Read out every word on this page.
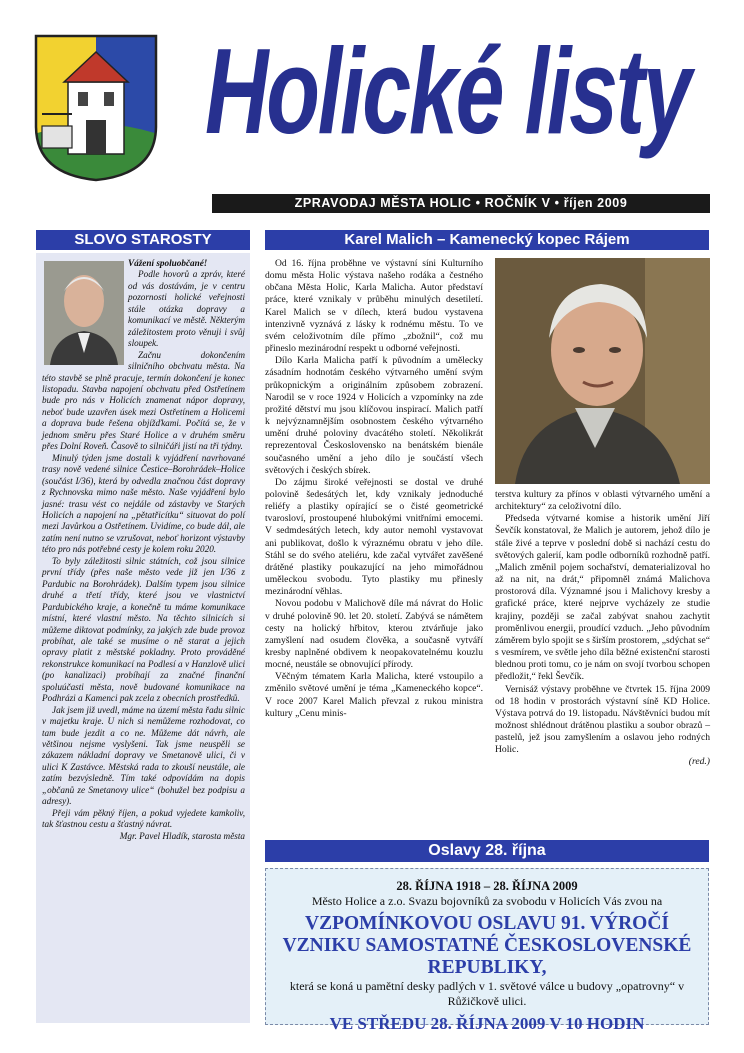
Holické listy
ZPRAVODAJ MĚSTA HOLIC • ROČNÍK V • říjen 2009
SLOVO STAROSTY

Vážení spoluobčané!

Podle hovorů a zpráv, které od vás dostávám, je v centru pozornosti holické veřejnosti stále otázka dopravy a komunikací ve městě. Některým záležitostem proto věnuji i svůj sloupek.

Začnu dokončením silničního obchvatu města. Na této stavbě se plně pracuje, termín dokončení je konec listopadu. Stavba napojení obchvatu před Ostřetínem bude pro nás v Holicích znamenat nápor dopravy, neboť bude uzavřen úsek mezi Ostřetínem a Holicemi a doprava bude řešena objížďkami. Počítá se, že v jednom směru přes Staré Holice a v druhém směru přes Dolní Roveň. Časově to silničáři jistí na tři týdny.

Minulý týden jsme dostali k vyjádření navrhované trasy nově vedené silnice Čestice–Borohrádek–Holice (součást I/36), která by odvedla značnou část dopravy z Rychnovska mimo naše město. Naše vyjádření bylo jasné: trasu vést co nejdále od zástavby ve Starých Holicích a napojení na „pětatřicítku“ situovat do polí mezi Javůrkou a Ostřetínem. Uvidíme, co bude dál, ale zatím není nutno se vzrušovat, neboť horizont výstavby této pro nás potřebné cesty je kolem roku 2020.

To byly záležitosti silnic státních, což jsou silnice první třídy (přes naše město vede již jen I/36 z Pardubic na Borohrádek). Dalším typem jsou silnice druhé a třetí třídy, které jsou ve vlastnictví Pardubického kraje, a konečně tu máme komunikace místní, které vlastní město. Na těchto silnicích si můžeme diktovat podmínky, za jakých zde bude provoz probíhat, ale také se musíme o ně starat a jejich opravy platit z městské pokladny. Proto prováděné rekonstrukce komunikací na Podlesí a v Hanzlově ulici (po kanalizaci) probíhají za značné finanční spoluúčasti města, nově budované komunikace na Podhrázi a Kamenci pak zcela z obecních prostředků.

Jak jsem již uvedl, máme na území města řadu silnic v majetku kraje. U nich si nemůžeme rozhodovat, co tam bude jezdit a co ne. Můžeme dát návrh, ale většinou nejsme vyslyšeni. Tak jsme neuspěli se zákazem nákladní dopravy ve Smetanově ulici, či v ulici K Zastávce. Městská rada to zkouší neustále, ale zatím bezvýsledně. Tím také odpovídám na dopis „občanů ze Smetanovy ulice“ (bohužel bez podpisu a adresy).

Přeji vám pěkný říjen, a pokud vyjedete kamkoliv, tak šťastnou cestu a šťastný návrat.

Mgr. Pavel Hladík, starosta města

Karel Malich – Kamenecký kopec Rájem

Od 16. října proběhne ve výstavní síni Kulturního domu města Holic výstava našeho rodáka a čestného občana Města Holic, Karla Malicha. Autor představí práce, které vznikaly v průběhu minulých desetiletí. Karel Malich se v dílech, která budou vystavena intenzivně vyznává z lásky k rodnému městu. To ve svém celoživotním díle přímo „zbožnil“, což mu přineslo mezinárodní respekt u odborné veřejnosti.

Dílo Karla Malicha patří k původním a umělecky zásadním hodnotám českého výtvarného umění svým průkopnickým a originálním způsobem zobrazení. Narodil se v roce 1924 v Holicích a vzpomínky na zde prožité dětství mu jsou klíčovou inspirací. Malich patří k nejvýznamnějším osobnostem českého výtvarného umění druhé poloviny dvacátého století. Několikrát reprezentoval Československo na benátském bienále současného umění a jeho dílo je součástí všech světových i českých sbírek.

Do zájmu široké veřejnosti se dostal ve druhé polovině šedesátých let, kdy vznikaly jednoduché reliéfy a plastiky opírající se o čisté geometrické tvarosloví, prostoupené hlubokými vnitřními emocemi. V sedmdesátých letech, kdy autor nemohl vystavovat ani publikovat, došlo k výraznému obratu v jeho díle. Stáhl se do svého ateliéru, kde začal vytvářet zavěšené drátěné plastiky poukazující na jeho mimořádnou uměleckou svobodu. Tyto plastiky mu přinesly mezinárodní věhlas.

Novou podobu v Malichově díle má návrat do Holic v druhé polovině 90. let 20. století. Zabývá se námětem cesty na holický hřbitov, kterou ztvárňuje jako zamyšlení nad osudem člověka, a současně vytváří kresby naplněné obdivem k neopakovatelnému kouzlu mocné, neustále se obnovující přírody.

Věčným tématem Karla Malicha, které vstoupilo a změnilo světové umění je téma „Kameneckého kopce“. V roce 2007 Karel Malich převzal z rukou ministra kultury „Cenu minis-

terstva kultury za přínos v oblasti výtvarného umění a architektury“ za celoživotní dílo.

Předseda výtvarné komise a historik umění Jiří Ševčík konstatoval, že Malich je autorem, jehož dílo je stále živé a teprve v poslední době si nachází cestu do světových galerií, kam podle odborníků rozhodně patří. „Malich změnil pojem sochařství, dematerializoval ho až na nit, na drát,“ připomněl známá Malichova prostorová díla. Významné jsou i Malichovy kresby a grafické práce, které nejprve vycházely ze studie krajiny, později se začal zabývat snahou zachytit proměnlivou energii, proudící vzduch. „Jeho původním záměrem bylo spojit se s širším prostorem, „sdýchat se“ s vesmírem, ve světle jeho díla běžné existenční starosti blednou proti tomu, co je nám on svojí tvorbou schopen předložit,“ řekl Ševčík.

Vernisáž výstavy proběhne ve čtvrtek 15. října 2009 od 18 hodin v prostorách výstavní síně KD Holice. Výstava potrvá do 19. listopadu. Návštěvníci budou mít možnost shlédnout drátěnou plastiku a soubor obrazů – pastelů, jež jsou zamyšlením a oslavou jeho rodných Holic.

(red.)

Oslavy 28. října
28. ŘÍJNA 1918 – 28. ŘÍJNA 2009
Město Holice a z.o. Svazu bojovníků za svobodu v Holicích Vás zvou na
VZPOMÍNKOVOU OSLAVU 91. VÝROČÍ VZNIKU SAMOSTATNÉ ČESKOSLOVENSKÉ REPUBLIKY,
která se koná u pamětní desky padlých v 1. světové válce u budovy „opatrovny“ v Růžičkově ulici.
VE STŘEDU 28. ŘÍJNA 2009 V 10 HODIN
